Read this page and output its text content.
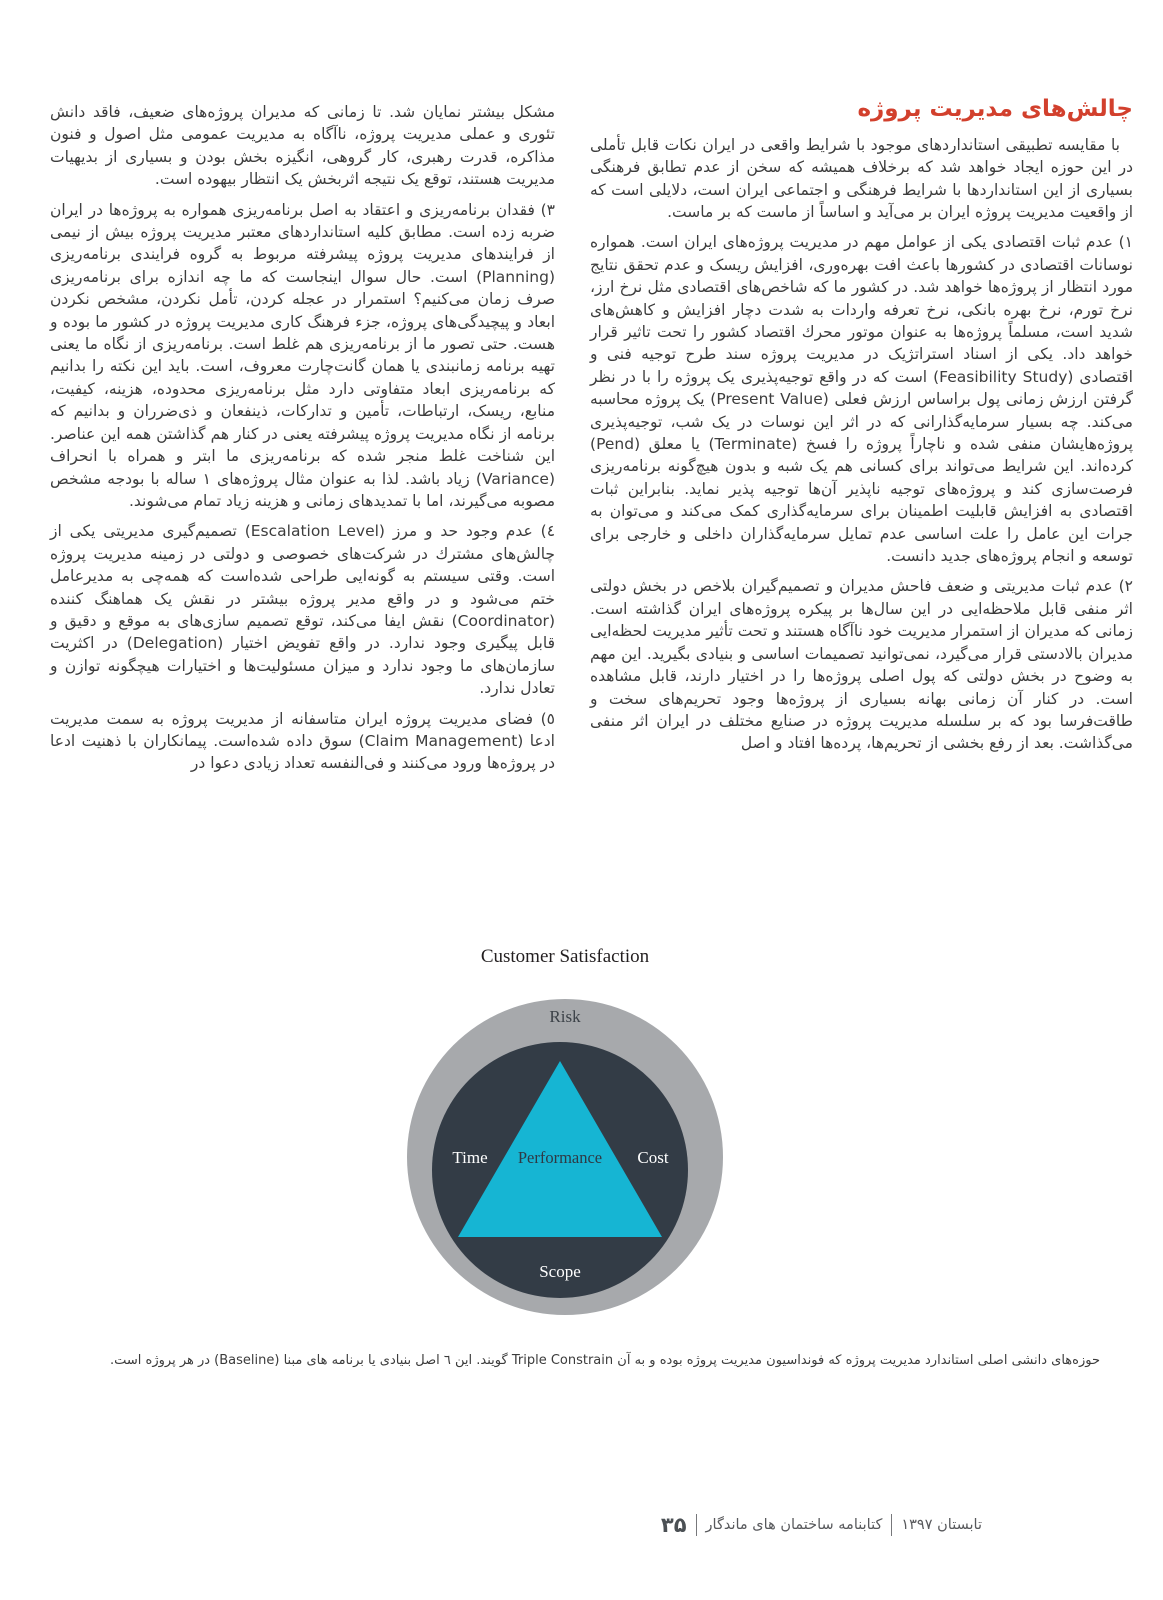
چالش‌های مدیریت پروژه

با مقایسه تطبیقی استانداردهای موجود با شرایط واقعی در ایران نکات قابل تأملی در این حوزه ایجاد خواهد شد که برخلاف همیشه که سخن از عدم تطابق فرهنگی بسیاری از این استانداردها با شرایط فرهنگی و اجتماعی ایران است، دلایلی است که از واقعیت مدیریت پروژه ایران بر می‌آید و اساساً از ماست که بر ماست.

۱) عدم ثبات اقتصادی یکی از عوامل مهم در مدیریت پروژه‌های ایران است. همواره نوسانات اقتصادی در کشورها باعث افت بهره‌وری، افزایش ریسک و عدم تحقق نتایج مورد انتظار از پروژه‌ها خواهد شد. در کشور ما که شاخص‌های اقتصادی مثل نرخ ارز، نرخ تورم، نرخ بهره بانکی، نرخ تعرفه واردات به شدت دچار افزایش و کاهش‌های شدید است، مسلماً پروژه‌ها به عنوان موتور محرك اقتصاد کشور را تحت تاثیر قرار خواهد داد. یکی از اسناد استراتژیک در مدیریت پروژه سند طرح توجیه فنی و اقتصادی (Feasibility Study) است که در واقع توجیه‌پذیری یک پروژه را با در نظر گرفتن ارزش زمانی پول براساس ارزش فعلی (Present Value) یک پروژه محاسبه می‌کند. چه بسیار سرمایه‌گذارانی که در اثر این نوسات در یک شب، توجیه‌پذیری پروژه‌هایشان منفی شده و ناچاراً پروژه را فسخ (Terminate) یا معلق (Pend) کرده‌اند. این شرایط می‌تواند برای کسانی هم یک شبه و بدون هیچ‌گونه برنامه‌ریزی فرصت‌سازی کند و پروژه‌های توجیه ناپذیر آن‌ها توجیه پذیر نماید. بنابراین ثبات اقتصادی به افزایش قابلیت اطمینان برای سرمایه‌گذاری کمک می‌کند و می‌توان به جرات این عامل را علت اساسی عدم تمایل سرمایه‌گذاران داخلی و خارجی برای توسعه و انجام پروژه‌های جدید دانست.

۲) عدم ثبات مدیریتی و ضعف فاحش مدیران و تصمیم‌گیران بلاخص در بخش دولتی اثر منفی قابل ملاحظه‌ایی در این سال‌ها بر پیکره پروژه‌های ایران گذاشته است. زمانی که مدیران از استمرار مدیریت خود ناآگاه هستند و تحت تأثیر مدیریت لحظه‌ایی مدیران بالادستی قرار می‌گیرد، نمی‌توانید تصمیمات اساسی و بنیادی بگیرید. این مهم به وضوح در بخش دولتی که پول اصلی پروژه‌ها را در اختیار دارند، قابل مشاهده است. در کنار آن زمانی بهانه بسیاری از پروژه‌ها وجود تحریم‌های سخت و طاقت‌فرسا بود که بر سلسله مدیریت پروژه در صنایع مختلف در ایران اثر منفی می‌گذاشت. بعد از رفع بخشی از تحریم‌ها، پرده‌ها افتاد و اصل

مشکل بیشتر نمایان شد. تا زمانی که مدیران پروژه‌های ضعیف، فاقد دانش تئوری و عملی مدیریت پروژه، ناآگاه به مدیریت عمومی مثل اصول و فنون مذاکره، قدرت رهبری، کار گروهی، انگیزه بخش بودن و بسیاری از بدیهیات مدیریت هستند، توقع یک نتیجه اثربخش یک انتظار بیهوده است.

۳) فقدان برنامه‌ریزی و اعتقاد به اصل برنامه‌ریزی همواره به پروژه‌ها در ایران ضربه زده است. مطابق کلیه استانداردهای معتبر مدیریت پروژه بیش از نیمی از فرایندهای مدیریت پروژه پیشرفته مربوط به گروه فرایندی برنامه‌ریزی (Planning) است. حال سوال اینجاست که ما چه اندازه برای برنامه‌ریزی صرف زمان می‌کنیم؟ استمرار در عجله کردن، تأمل نکردن، مشخص نکردن ابعاد و پیچیدگی‌های پروژه، جزء فرهنگ کاری مدیریت پروژه در کشور ما بوده و هست. حتی تصور ما از برنامه‌ریزی هم غلط است. برنامه‌ریزی از نگاه ما یعنی تهیه برنامه زمانبندی یا همان گانت‌چارت معروف، است. باید این نکته را بدانیم که برنامه‌ریزی ابعاد متفاوتی دارد مثل برنامه‌ریزی محدوده، هزینه، کیفیت، منابع، ریسک، ارتباطات، تأمین و تدارکات، ذینفعان و ذی‌ضرران و بدانیم که برنامه از نگاه مدیریت پروژه پیشرفته یعنی در کنار هم گذاشتن همه این عناصر. این شناخت غلط منجر شده که برنامه‌ریزی ما ابتر و همراه با انحراف (Variance) زیاد باشد. لذا به عنوان مثال پروژه‌های ۱ ساله با بودجه مشخص مصوبه می‌گیرند، اما با تمدیدهای زمانی و هزینه زیاد تمام می‌شوند.

٤) عدم وجود حد و مرز (Escalation Level) تصمیم‌گیری مدیریتی یکی از چالش‌های مشترك در شرکت‌های خصوصی و دولتی در زمینه مدیریت پروژه است. وقتی سیستم به گونه‌ایی طراحی شده‌است که همه‌چی به مدیرعامل ختم می‌شود و در واقع مدیر پروژه بیشتر در نقش یک هماهنگ کننده (Coordinator) نقش ایفا می‌کند، توقع تصمیم سازی‌های به موقع و دقیق و قابل پیگیری وجود ندارد. در واقع تفویض اختیار (Delegation) در اکثریت سازمان‌های ما وجود ندارد و میزان مسئولیت‌ها و اختیارات هیچگونه توازن و تعادل ندارد.

٥) فضای مدیریت پروژه ایران متاسفانه از مدیریت پروژه به سمت مدیریت ادعا (Claim Management) سوق داده شده‌است. پیمانکاران با ذهنیت ادعا در پروژه‌ها ورود می‌کنند و فی‌النفسه تعداد زیادی دعوا در

Customer Satisfaction
Risk
Time Performance Cost
Scope

حوزه‌های دانشی اصلی استاندارد مدیریت پروژه که فونداسیون مدیریت پروژه بوده و به آن Triple Constrain گویند. این ٦ اصل بنیادی یا برنامه های مبنا (Baseline) در هر پروژه است.

۳۵ کتابنامه ساختمان های ماندگار تابستان ۱۳۹۷
